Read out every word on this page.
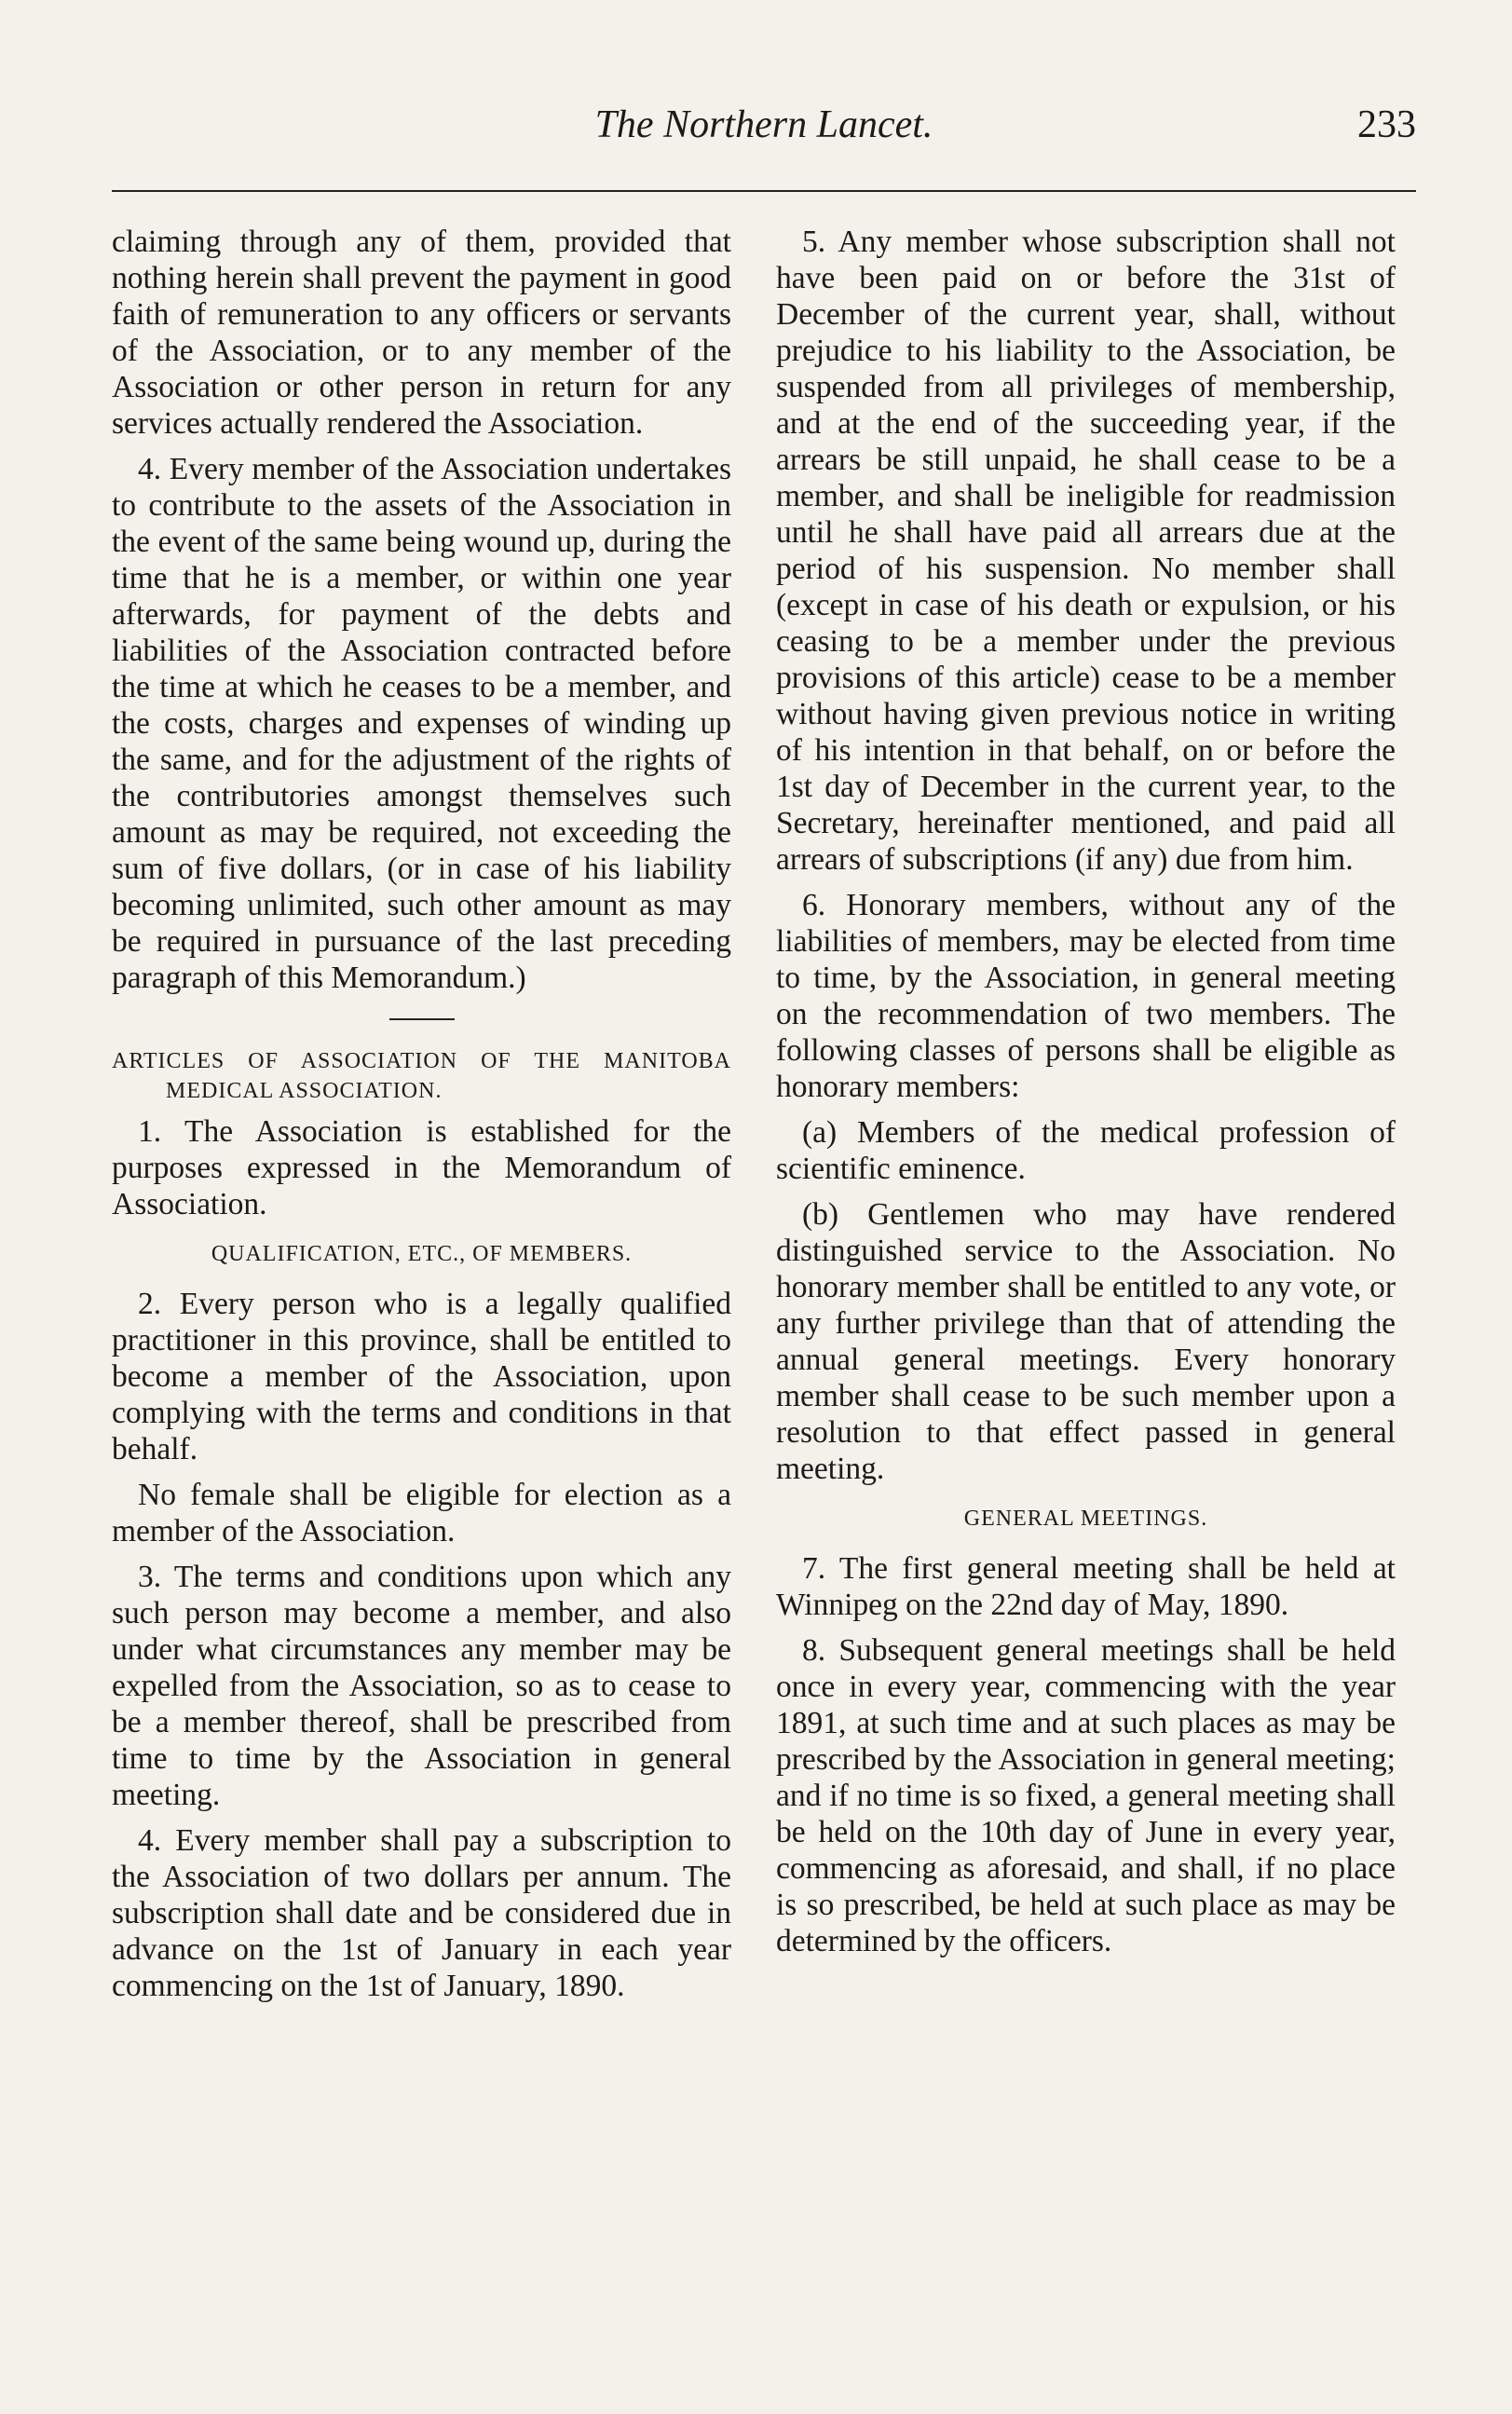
The Northern Lancet.	233

claiming through any of them, provided that nothing herein shall prevent the payment in good faith of remuneration to any officers or servants of the Association, or to any member of the Association or other person in return for any services actually rendered the Association.

4. Every member of the Association undertakes to contribute to the assets of the Association in the event of the same being wound up, during the time that he is a member, or within one year afterwards, for payment of the debts and liabilities of the Association contracted before the time at which he ceases to be a member, and the costs, charges and expenses of winding up the same, and for the adjustment of the rights of the contributories amongst themselves such amount as may be required, not exceeding the sum of five dollars, (or in case of his liability becoming unlimited, such other amount as may be required in pursuance of the last preceding paragraph of this Memorandum.)

ARTICLES OF ASSOCIATION OF THE MANITOBA MEDICAL ASSOCIATION.

1. The Association is established for the purposes expressed in the Memorandum of Association.

QUALIFICATION, ETC., OF MEMBERS.

2. Every person who is a legally qualified practitioner in this province, shall be entitled to become a member of the Association, upon complying with the terms and conditions in that behalf.

No female shall be eligible for election as a member of the Association.

3. The terms and conditions upon which any such person may become a member, and also under what circumstances any member may be expelled from the Association, so as to cease to be a member thereof, shall be prescribed from time to time by the Association in general meeting.

4. Every member shall pay a subscription to the Association of two dollars per annum. The subscription shall date and be considered due in advance on the 1st of January in each year commencing on the 1st of January, 1890.

5. Any member whose subscription shall not have been paid on or before the 31st of December of the current year, shall, without prejudice to his liability to the Association, be suspended from all privileges of membership, and at the end of the succeeding year, if the arrears be still unpaid, he shall cease to be a member, and shall be ineligible for readmission until he shall have paid all arrears due at the period of his suspension. No member shall (except in case of his death or expulsion, or his ceasing to be a member under the previous provisions of this article) cease to be a member without having given previous notice in writing of his intention in that behalf, on or before the 1st day of December in the current year, to the Secretary, hereinafter mentioned, and paid all arrears of subscriptions (if any) due from him.

6. Honorary members, without any of the liabilities of members, may be elected from time to time, by the Association, in general meeting on the recommendation of two members. The following classes of persons shall be eligible as honorary members:

(a) Members of the medical profession of scientific eminence.

(b) Gentlemen who may have rendered distinguished service to the Association. No honorary member shall be entitled to any vote, or any further privilege than that of attending the annual general meetings. Every honorary member shall cease to be such member upon a resolution to that effect passed in general meeting.

GENERAL MEETINGS.

7. The first general meeting shall be held at Winnipeg on the 22nd day of May, 1890.

8. Subsequent general meetings shall be held once in every year, commencing with the year 1891, at such time and at such places as may be prescribed by the Association in general meeting; and if no time is so fixed, a general meeting shall be held on the 10th day of June in every year, commencing as aforesaid, and shall, if no place is so prescribed, be held at such place as may be determined by the officers.
